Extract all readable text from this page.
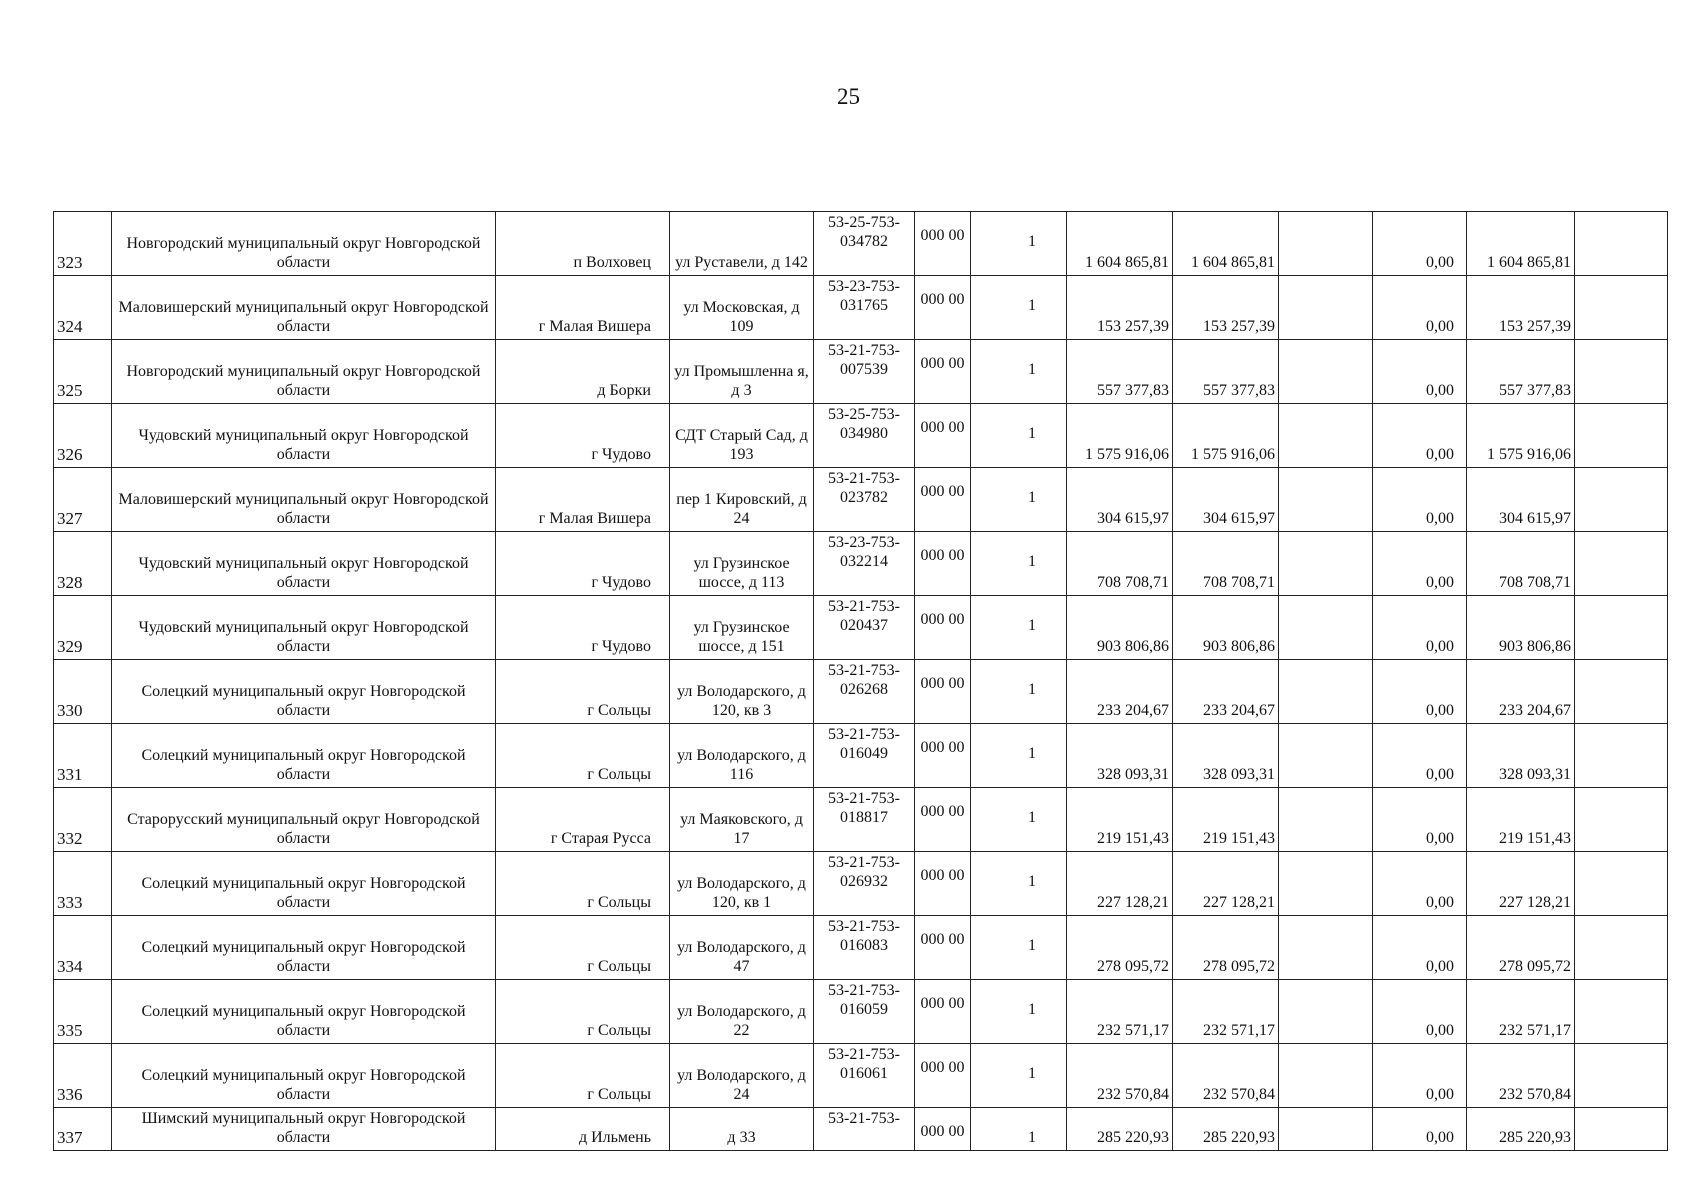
25
323	Новгородский муниципальный округ Новгородской области	п Волховец	ул Руставели, д 142	53-25-753-034782	000 00	1	1 604 865,81	1 604 865,81		0,00	1 604 865,81	
324	Маловишерский муниципальный округ Новгородской области	г Малая Вишера	ул Московская, д 109	53-23-753-031765	000 00	1	153 257,39	153 257,39		0,00	153 257,39	
325	Новгородский муниципальный округ Новгородской области	д Борки	ул Промышленна я, д 3	53-21-753-007539	000 00	1	557 377,83	557 377,83		0,00	557 377,83	
326	Чудовский муниципальный округ Новгородской области	г Чудово	СДТ Старый Сад, д 193	53-25-753-034980	000 00	1	1 575 916,06	1 575 916,06		0,00	1 575 916,06	
327	Маловишерский муниципальный округ Новгородской области	г Малая Вишера	пер 1 Кировский, д 24	53-21-753-023782	000 00	1	304 615,97	304 615,97		0,00	304 615,97	
328	Чудовский муниципальный округ Новгородской области	г Чудово	ул Грузинское шоссе, д 113	53-23-753-032214	000 00	1	708 708,71	708 708,71		0,00	708 708,71	
329	Чудовский муниципальный округ Новгородской области	г Чудово	ул Грузинское шоссе, д 151	53-21-753-020437	000 00	1	903 806,86	903 806,86		0,00	903 806,86	
330	Солецкий муниципальный округ Новгородской области	г Сольцы	ул Володарского, д 120, кв 3	53-21-753-026268	000 00	1	233 204,67	233 204,67		0,00	233 204,67	
331	Солецкий муниципальный округ Новгородской области	г Сольцы	ул Володарского, д 116	53-21-753-016049	000 00	1	328 093,31	328 093,31		0,00	328 093,31	
332	Старорусский муниципальный округ Новгородской области	г Старая Русса	ул Маяковского, д 17	53-21-753-018817	000 00	1	219 151,43	219 151,43		0,00	219 151,43	
333	Солецкий муниципальный округ Новгородской области	г Сольцы	ул Володарского, д 120, кв 1	53-21-753-026932	000 00	1	227 128,21	227 128,21		0,00	227 128,21	
334	Солецкий муниципальный округ Новгородской области	г Сольцы	ул Володарского, д 47	53-21-753-016083	000 00	1	278 095,72	278 095,72		0,00	278 095,72	
335	Солецкий муниципальный округ Новгородской области	г Сольцы	ул Володарского, д 22	53-21-753-016059	000 00	1	232 571,17	232 571,17		0,00	232 571,17	
336	Солецкий муниципальный округ Новгородской области	г Сольцы	ул Володарского, д 24	53-21-753-016061	000 00	1	232 570,84	232 570,84		0,00	232 570,84	
337	Шимский муниципальный округ Новгородской области	д Ильмень	д 33	53-21-753-	000 00	1	285 220,93	285 220,93		0,00	285 220,93	
